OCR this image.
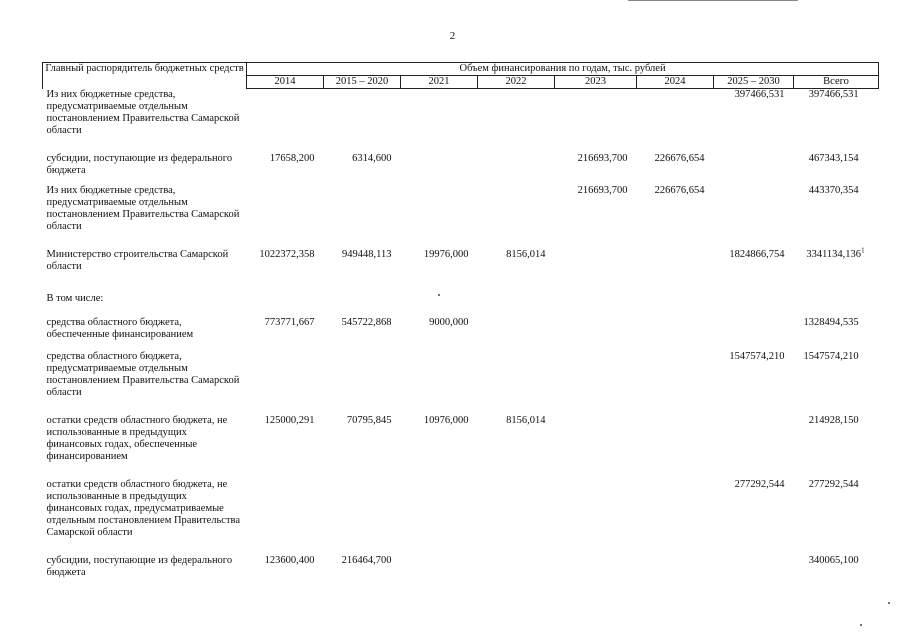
2
Главный распорядитель бюджетных средств	Объем финансирования по годам, тыс. рублей							
	2014	2015 – 2020	2021	2022	2023	2024	2025 – 2030	Всего
Из них бюджетные средства, предусматриваемые отдельным постановлением Правительства Самарской области							397466,531	397466,531
субсидии, поступающие из федерального бюджета	17658,200	6314,600			216693,700	226676,654		467343,154
Из них бюджетные средства, предусматриваемые отдельным постановлением Правительства Самарской области					216693,700	226676,654		443370,354
Министерство строительства Самарской области	1022372,358	949448,113	19976,000	8156,014			1824866,754	3341134,136$^1$
В том числе:								
средства областного бюджета, обеспеченные финансированием	773771,667	545722,868	9000,000					1328494,535
средства областного бюджета, предусматриваемые отдельным постановлением Правительства Самарской области							1547574,210	1547574,210
остатки средств областного бюджета, не использованные в предыдущих финансовых годах, обеспеченные финансированием	125000,291	70795,845	10976,000	8156,014				214928,150
остатки средств областного бюджета, не использованные в предыдущих финансовых годах, предусматриваемые отдельным постановлением Правительства Самарской области							277292,544	277292,544
субсидии, поступающие из федерального бюджета	123600,400	216464,700						340065,100
